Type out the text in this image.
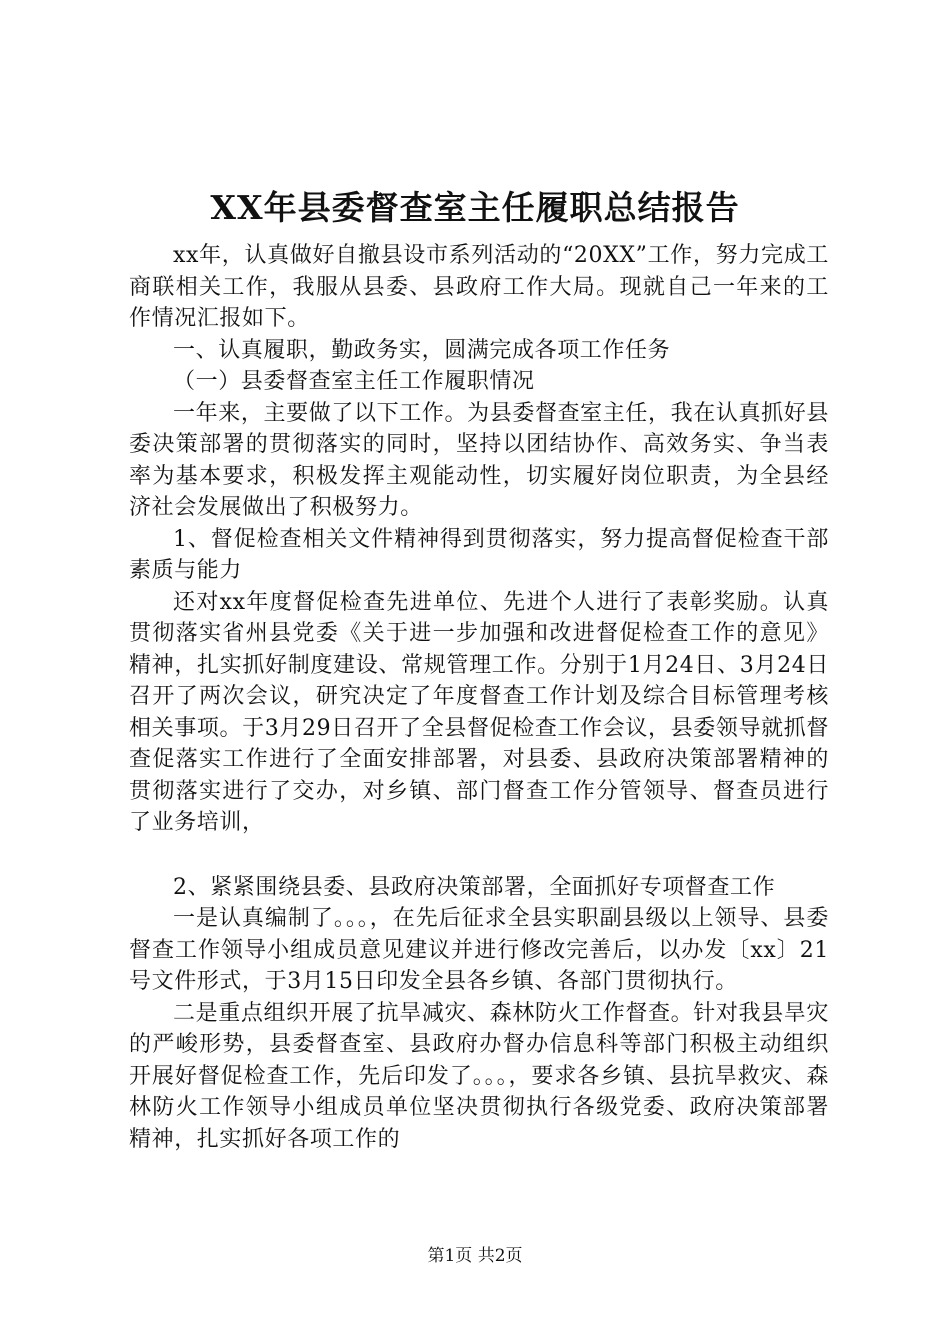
XX年县委督查室主任履职总结报告

xx年，认真做好自撤县设市系列活动的“20XX”工作，努力完成工商联相关工作，我服从县委、县政府工作大局。现就自己一年来的工作情况汇报如下。

一、认真履职，勤政务实，圆满完成各项工作任务

（一）县委督查室主任工作履职情况

一年来，主要做了以下工作。为县委督查室主任，我在认真抓好县委决策部署的贯彻落实的同时，坚持以团结协作、高效务实、争当表率为基本要求，积极发挥主观能动性，切实履好岗位职责，为全县经济社会发展做出了积极努力。

1、督促检查相关文件精神得到贯彻落实，努力提高督促检查干部素质与能力

还对xx年度督促检查先进单位、先进个人进行了表彰奖励。认真贯彻落实省州县党委《关于进一步加强和改进督促检查工作的意见》精神，扎实抓好制度建设、常规管理工作。分别于1月24日、3月24日召开了两次会议，研究决定了年度督查工作计划及综合目标管理考核相关事项。于3月29日召开了全县督促检查工作会议，县委领导就抓督查促落实工作进行了全面安排部署，对县委、县政府决策部署精神的贯彻落实进行了交办，对乡镇、部门督查工作分管领导、督查员进行了业务培训，

2、紧紧围绕县委、县政府决策部署，全面抓好专项督查工作

一是认真编制了。。。，在先后征求全县实职副县级以上领导、县委督查工作领导小组成员意见建议并进行修改完善后，以办发〔xx〕21号文件形式，于3月15日印发全县各乡镇、各部门贯彻执行。

二是重点组织开展了抗旱减灾、森林防火工作督查。针对我县旱灾的严峻形势，县委督查室、县政府办督办信息科等部门积极主动组织开展好督促检查工作，先后印发了。。。，要求各乡镇、县抗旱救灾、森林防火工作领导小组成员单位坚决贯彻执行各级党委、政府决策部署精神，扎实抓好各项工作的

第1页 共2页
